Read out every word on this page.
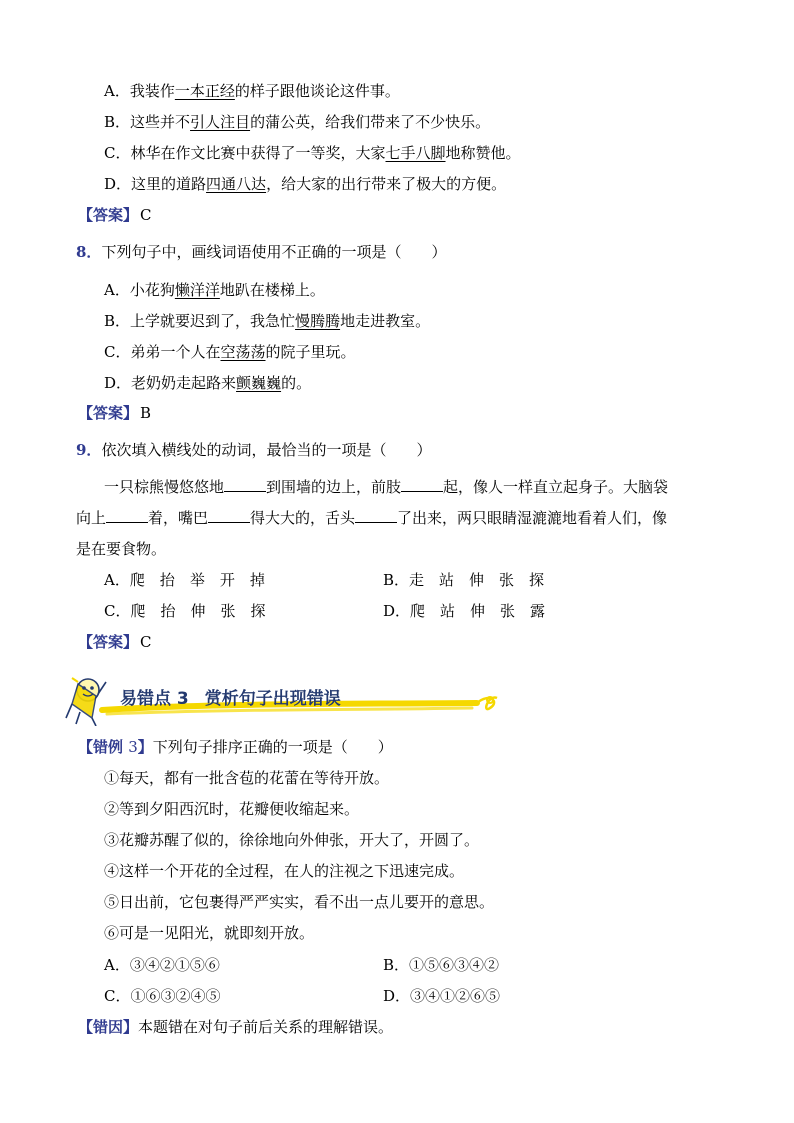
A．我装作一本正经的样子跟他谈论这件事。
B．这些并不引人注目的蒲公英，给我们带来了不少快乐。
C．林华在作文比赛中获得了一等奖，大家七手八脚地称赞他。
D．这里的道路四通八达，给大家的出行带来了极大的方便。
【答案】 C
8．下列句子中，画线词语使用不正确的一项是（　　）
A．小花狗懒洋洋地趴在楼梯上。
B．上学就要迟到了，我急忙慢腾腾地走进教室。
C．弟弟一个人在空荡荡的院子里玩。
D．老奶奶走起路来颤巍巍的。
【答案】 B
9．依次填入横线处的动词，最恰当的一项是（　　）
一只棕熊慢悠悠地	到围墙的边上，前肢	起，像人一样直立起身子。大脑袋
向上	着，嘴巴	得大大的，舌头	了出来，两只眼睛湿漉漉地看着人们，像
是在要食物。
A．爬 抬 举 开 掉	B．走 站 伸 张 探
C．爬 抬 伸 张 探	D．爬 站 伸 张 露
【答案】 C
易错点 3 赏析句子出现错误
【错例 3】下列句子排序正确的一项是（　　）
①每天，都有一批含苞的花蕾在等待开放。
②等到夕阳西沉时，花瓣便收缩起来。
③花瓣苏醒了似的，徐徐地向外伸张，开大了，开圆了。
④这样一个开花的全过程，在人的注视之下迅速完成。
⑤日出前，它包裹得严严实实，看不出一点儿要开的意思。
⑥可是一见阳光，就即刻开放。
A．③④②①⑤⑥	B．①⑤⑥③④②
C．①⑥③②④⑤	D．③④①②⑥⑤
【错因】本题错在对句子前后关系的理解错误。
